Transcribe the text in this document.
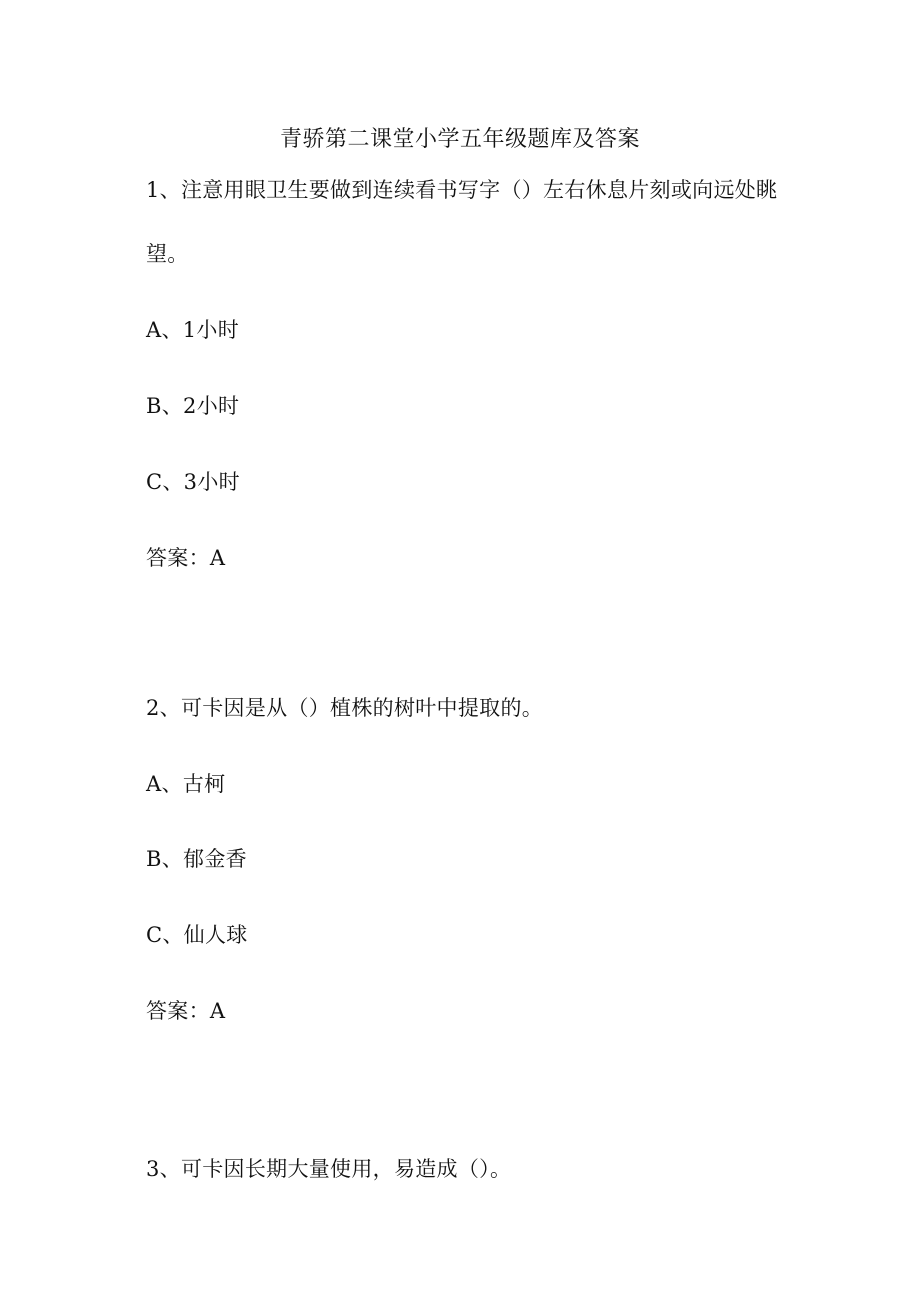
青骄第二课堂小学五年级题库及答案
1、注意用眼卫生要做到连续看书写字（）左右休息片刻或向远处眺望。
A、1小时
B、2小时
C、3小时
答案：A
2、可卡因是从（）植株的树叶中提取的。
A、古柯
B、郁金香
C、仙人球
答案：A
3、可卡因长期大量使用，易造成（）。
